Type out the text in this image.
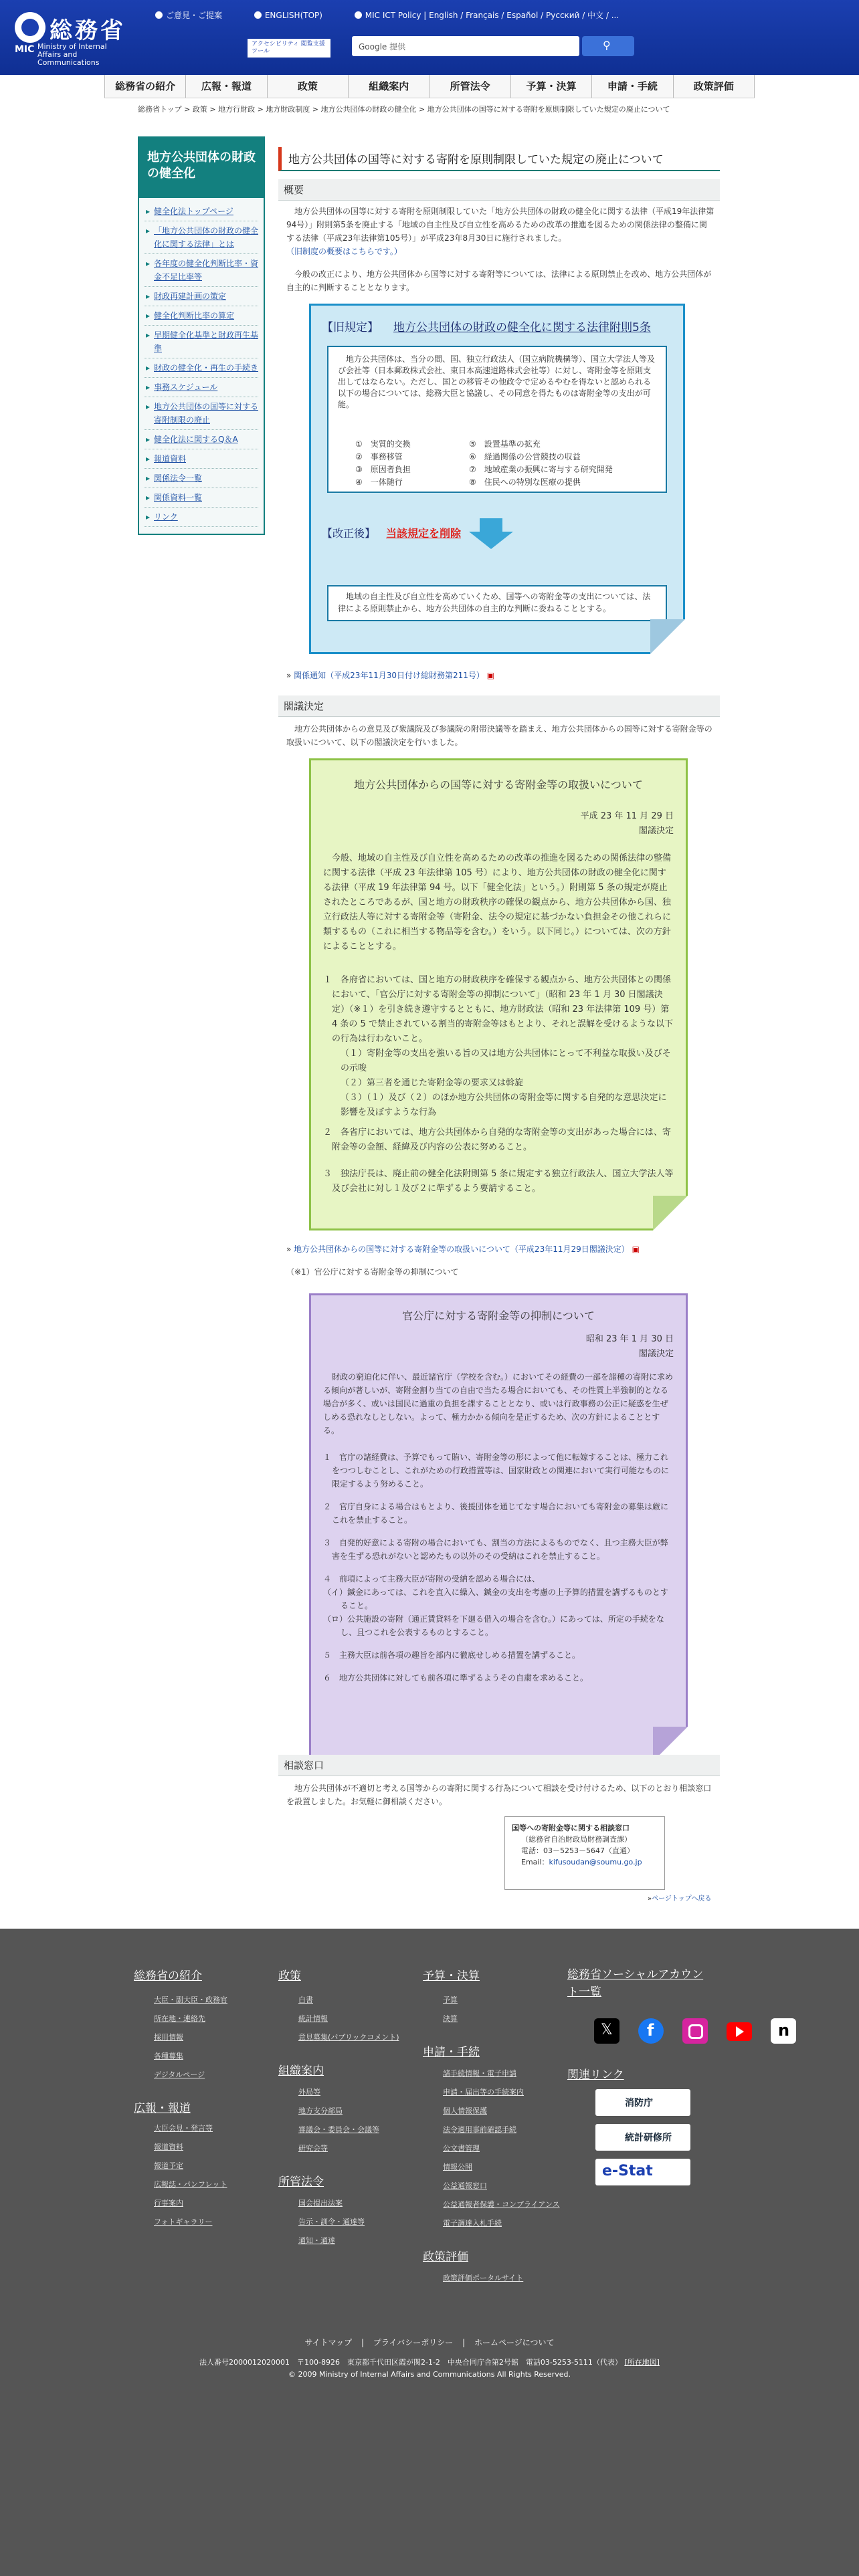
総務省
MIC Ministry of Internal Affairs and Communications
ご意見・ご提案	ENGLISH(TOP)	MIC ICT Policy | English / Français / Español / Русский / 中文 / ...
アクセシビリティ 閲覧支援ツール	Google 提供
⚲
総務省の紹介	広報・報道	政策	組織案内	所管法令	予算・決算	申請・手続	政策評価
総務省トップ > 政策 > 地方行財政 > 地方財政制度 > 地方公共団体の財政の健全化 > 地方公共団体の国等に対する寄附を原則制限していた規定の廃止について
地方公共団体の財政の健全化
▸ 健全化法トップページ
▸ 「地方公共団体の財政の健全化に関する法律」とは
▸ 各年度の健全化判断比率・資金不足比率等
▸ 財政再建計画の策定
▸ 健全化判断比率の算定
▸ 早期健全化基準と財政再生基準
▸ 財政の健全化・再生の手続き
▸ 事務スケジュール
▸ 地方公共団体の国等に対する寄附制限の廃止
▸ 健全化法に関するQ＆A
▸ 報道資料
▸ 関係法令一覧
▸ 関係資料一覧
▸ リンク
地方公共団体の国等に対する寄附を原則制限していた規定の廃止について
概要
地方公共団体の国等に対する寄附を原則制限していた「地方公共団体の財政の健全化に関する法律（平成19年法律第94号）」附則第5条を廃止する「地域の自主性及び自立性を高めるための改革の推進を図るための関係法律の整備に関する法律（平成23年法律第105号）」が平成23年8月30日に施行されました。
（旧制度の概要はこちらです。）
今般の改正により、地方公共団体から国等に対する寄附等については、法律による原則禁止を改め、地方公共団体が自主的に判断することとなります。
【旧規定】 地方公共団体の財政の健全化に関する法律附則5条
地方公共団体は、当分の間、国、独立行政法人（国立病院機構等）、国立大学法人等及び会社等（日本郵政株式会社、東日本高速道路株式会社等）に対し、寄附金等を原則支出してはならない。ただし、国との移管その他政令で定めるやむを得ないと認められる以下の場合については、総務大臣と協議し、その同意を得たものは寄附金等の支出が可能。
①　実質的交換
②　事務移管
③　原因者負担
④　一体随行
⑤　設置基準の拡充
⑥　経過関係の公営競技の収益
⑦　地域産業の振興に寄与する研究開発
⑧　住民への特別な医療の提供
【改正後】 当該規定を削除
地域の自主性及び自立性を高めていくため、国等への寄附金等の支出については、法律による原則禁止から、地方公共団体の自主的な判断に委ねることとする。
» 関係通知（平成23年11月30日付け総財務第211号） ▣
閣議決定
地方公共団体からの意見及び衆議院及び参議院の附帯決議等を踏まえ、地方公共団体からの国等に対する寄附金等の取扱いについて、以下の閣議決定を行いました。
地方公共団体からの国等に対する寄附金等の取扱いについて
平成 23 年 11 月 29 日
閣議決定
今般、地域の自主性及び自立性を高めるための改革の推進を図るための関係法律の整備に関する法律（平成 23 年法律第 105 号）により、地方公共団体の財政の健全化に関する法律（平成 19 年法律第 94 号。以下「健全化法」という。）附則第 5 条の規定が廃止されたところであるが、国と地方の財政秩序の確保の観点から、地方公共団体から国、独立行政法人等に対する寄附金等（寄附金、法令の規定に基づかない負担金その他これらに類するもの（これに相当する物品等を含む。）をいう。以下同じ。）については、次の方針によることとする。
１　各府省においては、国と地方の財政秩序を確保する観点から、地方公共団体との関係において、「官公庁に対する寄附金等の抑制について」（昭和 23 年 1 月 30 日閣議決定）（※１）を引き続き遵守するとともに、地方財政法（昭和 23 年法律第 109 号）第 4 条の 5 で禁止されている割当的寄附金等はもとより、それと誤解を受けるような以下の行為は行わないこと。
（１）寄附金等の支出を強いる旨の又は地方公共団体にとって不利益な取扱い及びその示唆
（２）第三者を通じた寄附金等の要求又は斡旋
（３）（１）及び（２）のほか地方公共団体の寄附金等に関する自発的な意思決定に影響を及ぼすような行為
２　各省庁においては、地方公共団体から自発的な寄附金等の支出があった場合には、寄附金等の金額、経緯及び内容の公表に努めること。
３　独法庁長は、廃止前の健全化法附則第 5 条に規定する独立行政法人、国立大学法人等及び会社に対し１及び２に準ずるよう要請すること。
» 地方公共団体からの国等に対する寄附金等の取扱いについて（平成23年11月29日閣議決定） ▣
（※1）官公庁に対する寄附金等の抑制について
官公庁に対する寄附金等の抑制について
昭和 23 年 1 月 30 日
閣議決定
財政の窮迫化に伴い、最近諸官庁（学校を含む。）においてその経費の一部を諸種の寄附に求める傾向が著しいが、寄附金割り当ての自由で当たる場合においても、その性質上半強制的となる場合が多く、或いは国民に過重の負担を課することとなり、或いは行政事務の公正に疑惑を生ぜしめる恐れなしとしない。よって、極力かかる傾向を是正するため、次の方針によることとする。
１　官庁の諸経費は、予算でもって賄い、寄附金等の形によって他に転嫁することは、極力これをつつしむことし、これがための行政措置等は、国家財政との関連において実行可能なものに限定するよう努めること。
２　官庁自身による場合はもとより、後援団体を通じてなす場合においても寄附金の募集は厳にこれを禁止すること。
３　自発的好意による寄附の場合においても、割当の方法によるものでなく、且つ主務大臣が弊害を生ずる恐れがないと認めたもの以外のその受納はこれを禁止すること。
４　前項によって主務大臣が寄附の受納を認める場合には、
（イ）鍼金にあっては、これを直入に繰入、鍼金の支出を考慮の上予算的措置を講ずるものとすること。
（ロ）公共施設の寄附（通正賃貸料を下廻る借入の場合を含む。）にあっては、所定の手続をなし、且つこれを公表するものとすること。
５　主務大臣は前各項の趣旨を部内に徹底せしめる措置を講ずること。
６　地方公共団体に対しても前各項に準ずるようその自粛を求めること。
相談窓口
地方公共団体が不適切と考える国等からの寄附に関する行為について相談を受け付けるため、以下のとおり相談窓口を設置しました。お気軽に御相談ください。
国等への寄附金等に関する相談窓口
（総務省自治財政局財務調査課）
電話：03－5253－5647（直通）
Email：kifusoudan@soumu.go.jp
»ページトップへ戻る
総務省の紹介
大臣・副大臣・政務官
所在地・連絡先
採用情報
各種募集
デジタルページ
広報・報道
大臣会見・発言等
報道資料
報道予定
広報誌・パンフレット
行事案内
フォトギャラリー
政策
白書
統計情報
意見募集(パブリックコメント)
組織案内
外局等
地方支分部局
審議会・委員会・会議等
研究会等
所管法令
国会提出法案
告示・訓令・通達等
通知・通達
予算・決算
予算
決算
申請・手続
諸手続情報・電子申請
申請・届出等の手続案内
個人情報保護
法令適用事前確認手続
公文書管理
情報公開
公益通報窓口
公益通報者保護・コンプライアンス
電子調達入札手続
政策評価
政策評価ポータルサイト
総務省ソーシャルアカウント一覧
𝕏 f	n
関連リンク
消防庁
統計研修所
e-Stat
サイトマップ | プライバシーポリシー | ホームページについて
法人番号2000012020001　〒100-8926　東京都千代田区霞が関2-1-2　中央合同庁舎第2号館　電話03-5253-5111（代表） [所在地図]
© 2009 Ministry of Internal Affairs and Communications All Rights Reserved.
